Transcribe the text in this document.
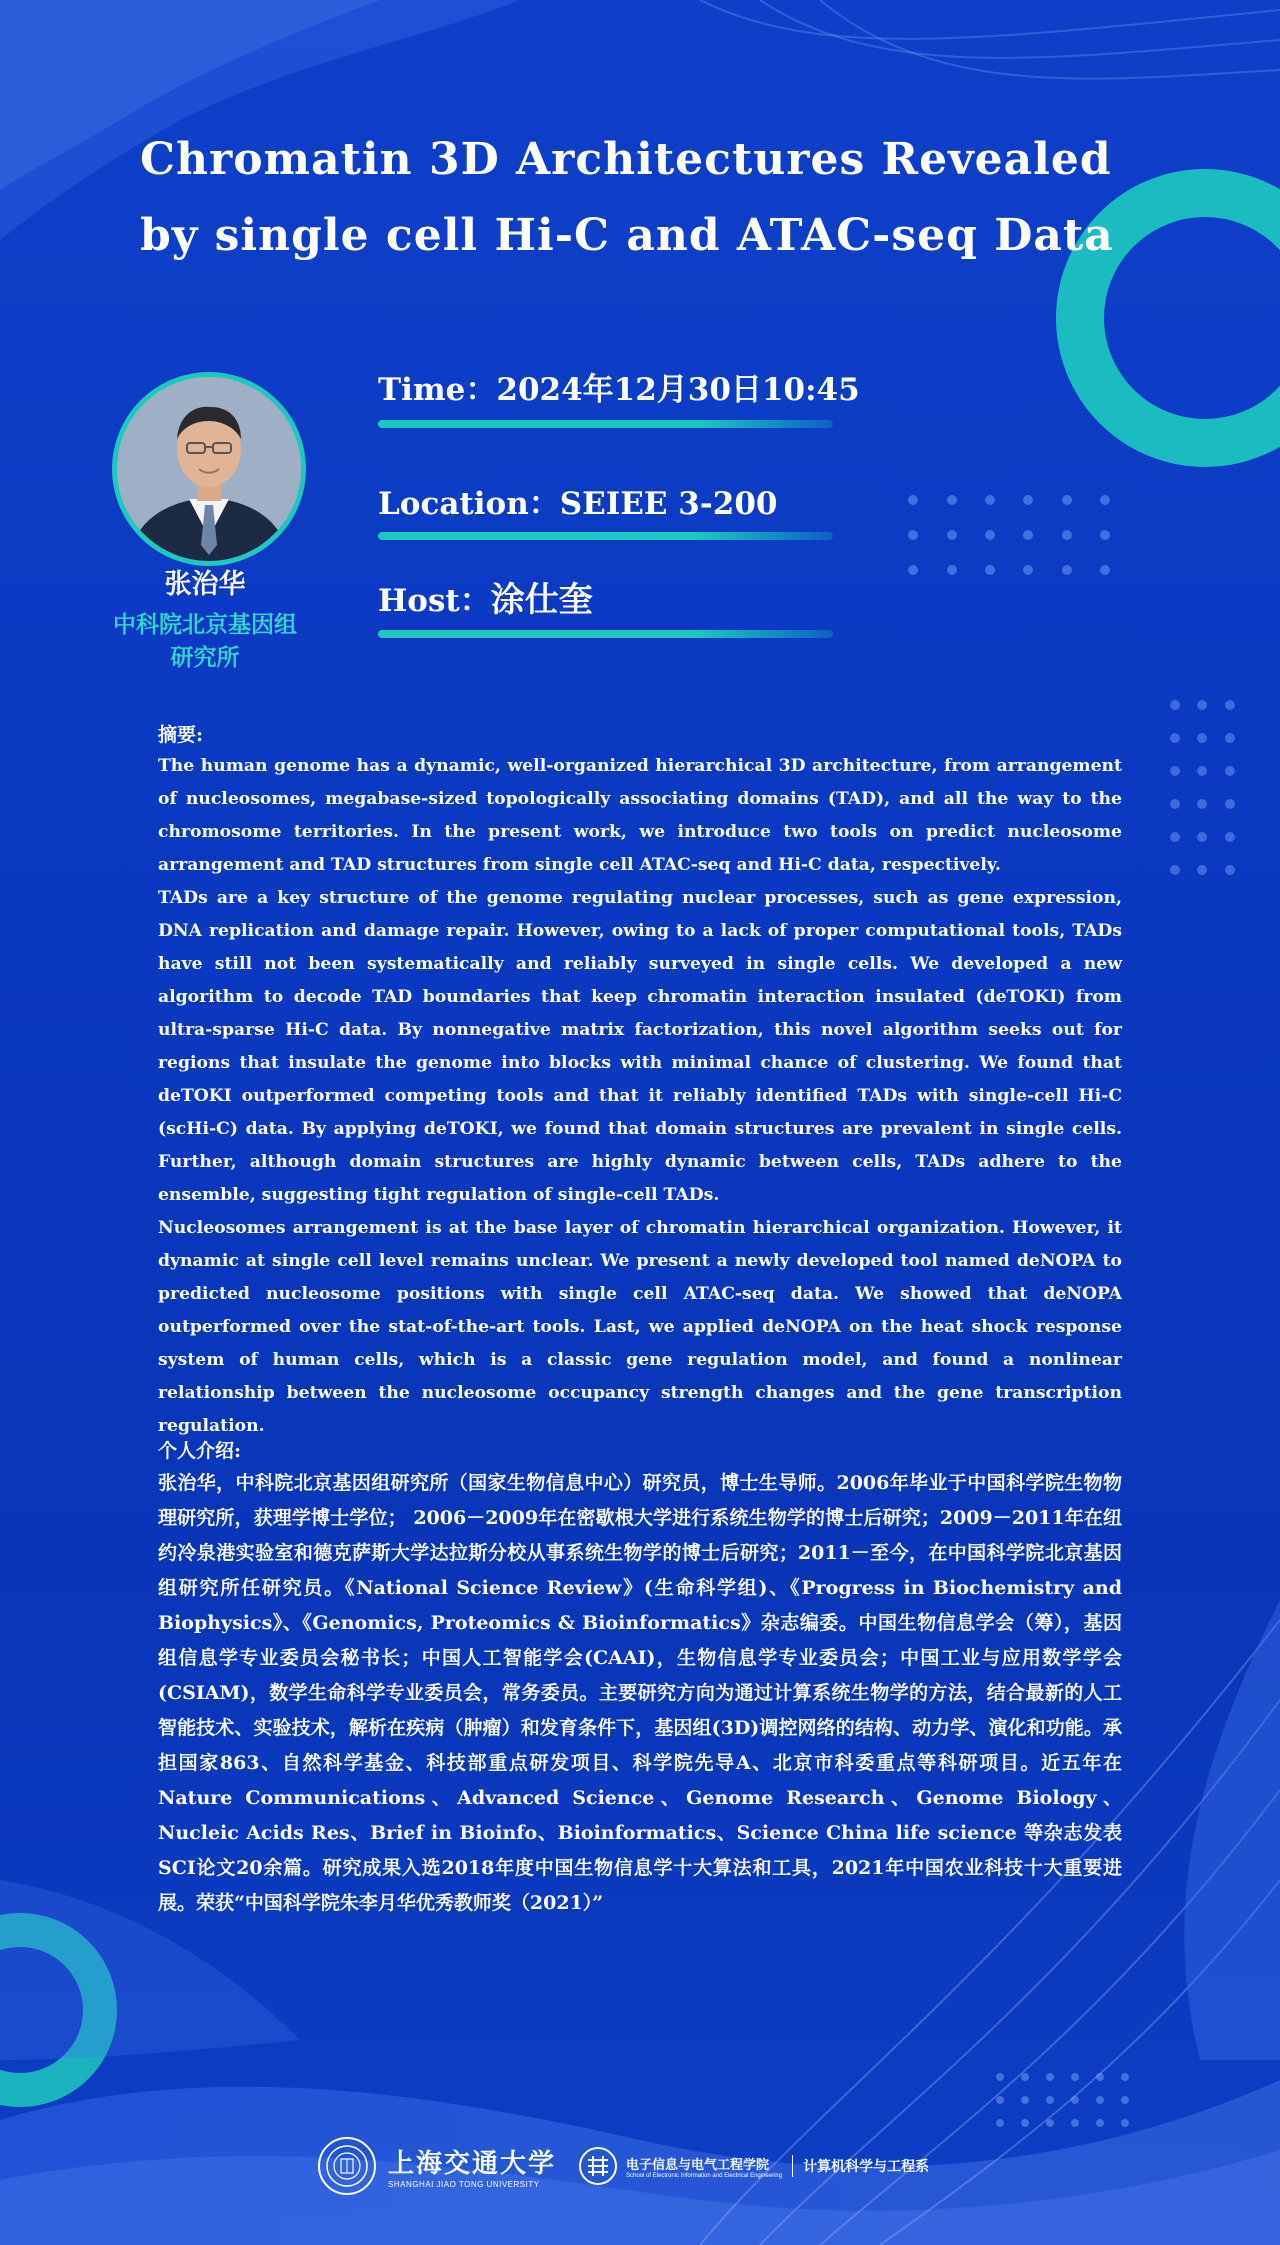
Chromatin 3D Architectures Revealed
by single cell Hi-C and ATAC-seq Data
张治华
中科院北京基因组
研究所
Time：2024年12月30日10:45
Location：SEIEE 3-200
Host：涂仕奎
摘要:

The human genome has a dynamic, well-organized hierarchical 3D architecture, from arrangement of nucleosomes, megabase-sized topologically associating domains (TAD), and all the way to the chromosome territories. In the present work, we introduce two tools on predict nucleosome arrangement and TAD structures from single cell ATAC-seq and Hi-C data, respectively.

TADs are a key structure of the genome regulating nuclear processes, such as gene expression, DNA replication and damage repair. However, owing to a lack of proper computational tools, TADs have still not been systematically and reliably surveyed in single cells. We developed a new algorithm to decode TAD boundaries that keep chromatin interaction insulated (deTOKI) from ultra-sparse Hi-C data. By nonnegative matrix factorization, this novel algorithm seeks out for regions that insulate the genome into blocks with minimal chance of clustering. We found that deTOKI outperformed competing tools and that it reliably identified TADs with single-cell Hi-C (scHi-C) data. By applying deTOKI, we found that domain structures are prevalent in single cells. Further, although domain structures are highly dynamic between cells, TADs adhere to the ensemble, suggesting tight regulation of single-cell TADs.

Nucleosomes arrangement is at the base layer of chromatin hierarchical organization. However, it dynamic at single cell level remains unclear. We present a newly developed tool named deNOPA to predicted nucleosome positions with single cell ATAC-seq data. We showed that deNOPA outperformed over the stat-of-the-art tools. Last, we applied deNOPA on the heat shock response system of human cells, which is a classic gene regulation model, and found a nonlinear relationship between the nucleosome occupancy strength changes and the gene transcription regulation.

个人介绍:

张治华，中科院北京基因组研究所（国家生物信息中心）研究员，博士生导师。2006年毕业于中国科学院生物物理研究所，获理学博士学位； 2006－2009年在密歇根大学进行系统生物学的博士后研究；2009－2011年在纽约冷泉港实验室和德克萨斯大学达拉斯分校从事系统生物学的博士后研究；2011－至今，在中国科学院北京基因组研究所任研究员。《National Science Review》(生命科学组)、《Progress in Biochemistry and Biophysics》、《Genomics, Proteomics & Bioinformatics》杂志编委。中国生物信息学会（筹），基因组信息学专业委员会秘书长；中国人工智能学会(CAAI)，生物信息学专业委员会；中国工业与应用数学学会(CSIAM)，数学生命科学专业委员会，常务委员。主要研究方向为通过计算系统生物学的方法，结合最新的人工智能技术、实验技术，解析在疾病（肿瘤）和发育条件下，基因组(3D)调控网络的结构、动力学、演化和功能。承担国家863、自然科学基金、科技部重点研发项目、科学院先导A、北京市科委重点等科研项目。近五年在Nature Communications、Advanced Science、Genome Research、Genome Biology、Nucleic Acids Res、Brief in Bioinfo、Bioinformatics、Science China life science 等杂志发表SCI论文20余篇。研究成果入选2018年度中国生物信息学十大算法和工具，2021年中国农业科技十大重要进展。荣获“中国科学院朱李月华优秀教师奖（2021）”

上海交通大学
SHANGHAI JIAO TONG UNIVERSITY
电子信息与电气工程学院
School of Electronic Information and Electrical Engineering
计算机科学与工程系
